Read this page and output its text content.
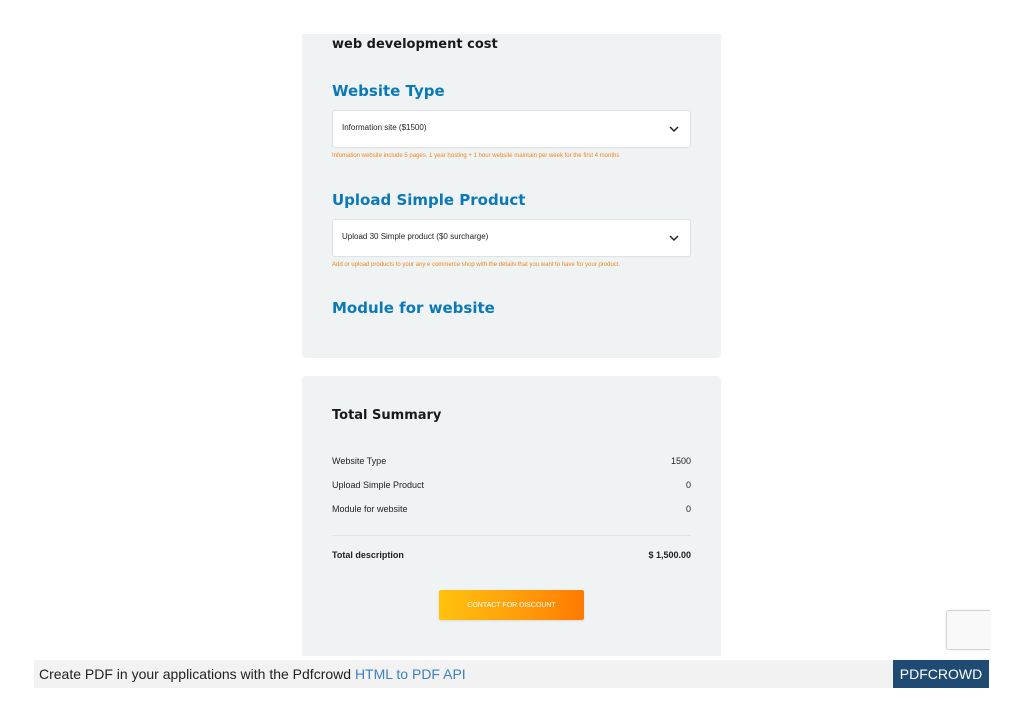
web development cost
Website Type
Information site ($1500)
Infomation website include 5 pages, 1 year hosting + 1 hour website maintain per week for the first 4 months
Upload Simple Product
Upload 30 Simple product ($0 surcharge)
Add or upload products to your any e commerce shop with the details that you want to have for your product.
Module for website
Total Summary
Website Type	1500
Upload Simple Product	0
Module for website	0
Total description	$ 1,500.00
CONTACT FOR DISCOUNT
Create PDF in your applications with the Pdfcrowd HTML to PDF API	PDFCROWD
